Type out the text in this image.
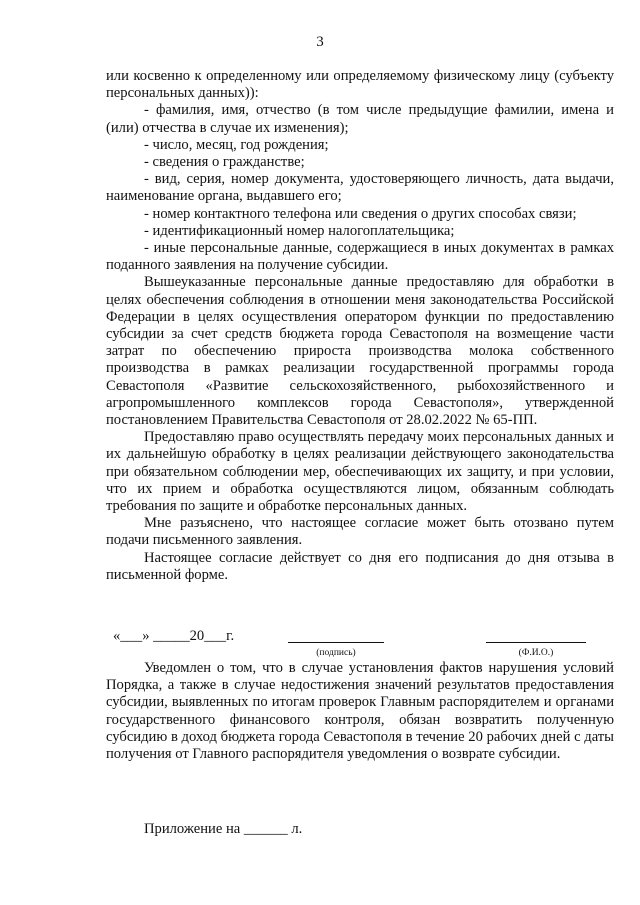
3

или косвенно к определенному или определяемому физическому лицу (субъекту персональных данных)):

- фамилия, имя, отчество (в том числе предыдущие фамилии, имена и (или) отчества в случае их изменения);

- число, месяц, год рождения;

- сведения о гражданстве;

- вид, серия, номер документа, удостоверяющего личность, дата выдачи, наименование органа, выдавшего его;

- номер контактного телефона или сведения о других способах связи;

- идентификационный номер налогоплательщика;

- иные персональные данные, содержащиеся в иных документах в рамках поданного заявления на получение субсидии.

Вышеуказанные персональные данные предоставляю для обработки в целях обеспечения соблюдения в отношении меня законодательства Российской Федерации в целях осуществления оператором функции по предоставлению субсидии за счет средств бюджета города Севастополя на возмещение части затрат по обеспечению прироста производства молока собственного производства в рамках реализации государственной программы города Севастополя «Развитие сельскохозяйственного, рыбохозяйственного и агропромышленного комплексов города Севастополя», утвержденной постановлением Правительства Севастополя от 28.02.2022 № 65-ПП.

Предоставляю право осуществлять передачу моих персональных данных и их дальнейшую обработку в целях реализации действующего законодательства при обязательном соблюдении мер, обеспечивающих их защиту, и при условии, что их прием и обработка осуществляются лицом, обязанным соблюдать требования по защите и обработке персональных данных.

Мне разъяснено, что настоящее согласие может быть отозвано путем подачи письменного заявления.

Настоящее согласие действует со дня его подписания до дня отзыва в письменной форме.

«___» _____20___г.
(подпись)	(Ф.И.О.)

Уведомлен о том, что в случае установления фактов нарушения условий Порядка, а также в случае недостижения значений результатов предоставления субсидии, выявленных по итогам проверок Главным распорядителем и органами государственного финансового контроля, обязан возвратить полученную субсидию в доход бюджета города Севастополя в течение 20 рабочих дней с даты получения от Главного распорядителя уведомления о возврате субсидии.

Приложение на ______ л.
